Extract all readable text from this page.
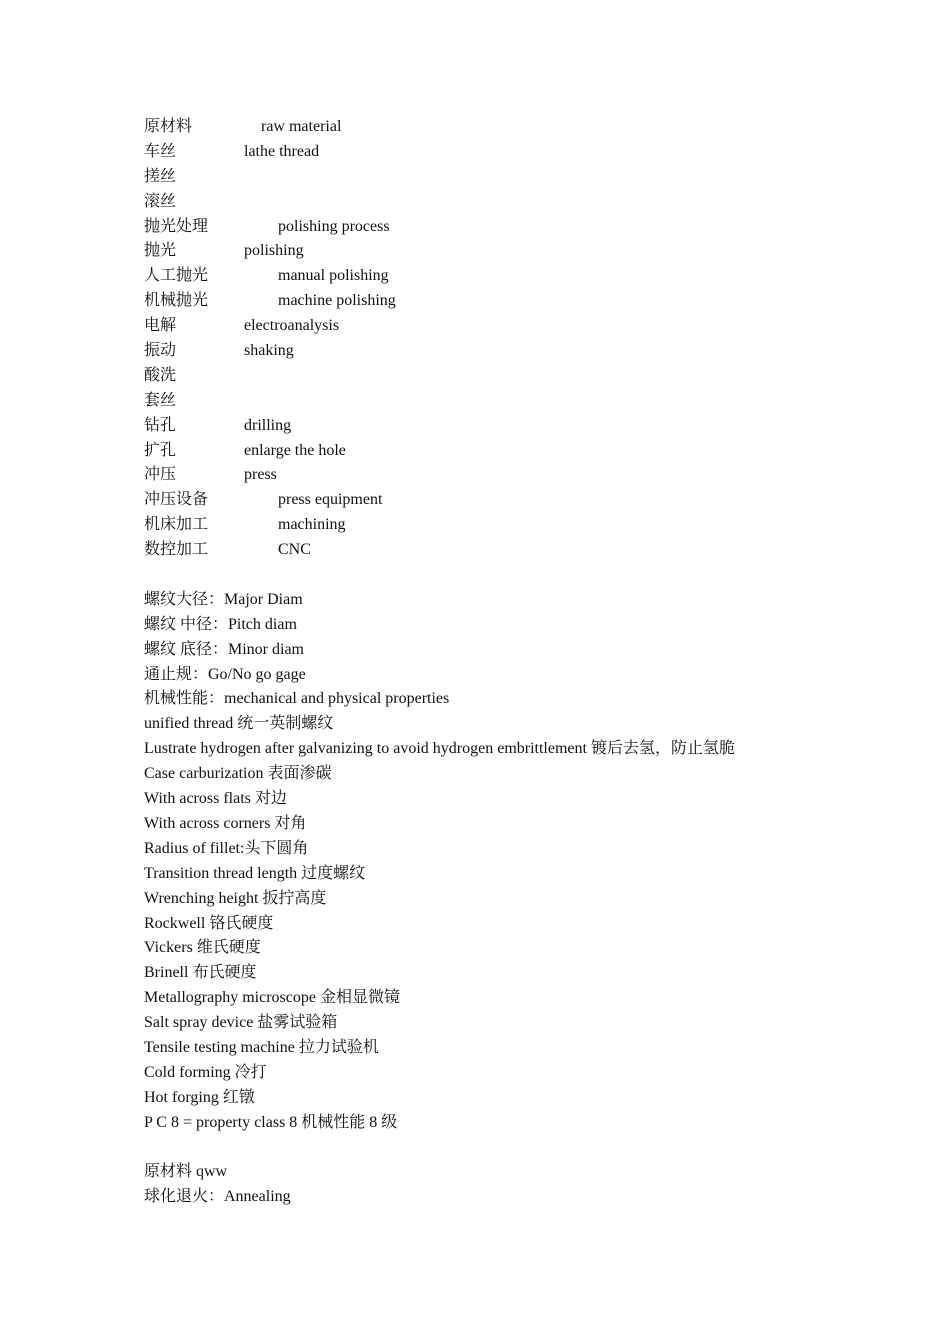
原材料	raw material
车丝	lathe thread
搓丝
滚丝
抛光处理	polishing process
抛光	polishing
人工抛光	manual polishing
机械抛光	machine polishing
电解	electroanalysis
振动	shaking
酸洗
套丝
钻孔	drilling
扩孔	enlarge the hole
冲压	press
冲压设备	press equipment
机床加工	machining
数控加工	CNC
螺纹大径：Major Diam
螺纹 中径：Pitch diam
螺纹 底径：Minor diam
通止规：Go/No go gage
机械性能：mechanical and physical properties
unified thread 统一英制螺纹
Lustrate hydrogen after galvanizing to avoid hydrogen embrittlement 镀后去氢，防止氢脆
Case carburization 表面渗碳
With across flats 对边
With across corners 对角
Radius of fillet:头下圆角
Transition thread length 过度螺纹
Wrenching height 扳拧高度
Rockwell 铬氏硬度
Vickers 维氏硬度
Brinell 布氏硬度
Metallography microscope 金相显微镜
Salt spray device 盐雾试验箱
Tensile testing machine 拉力试验机
Cold forming 冷打
Hot forging 红镦
P C 8 = property class 8 机械性能 8 级
原材料 qww
球化退火：Annealing
